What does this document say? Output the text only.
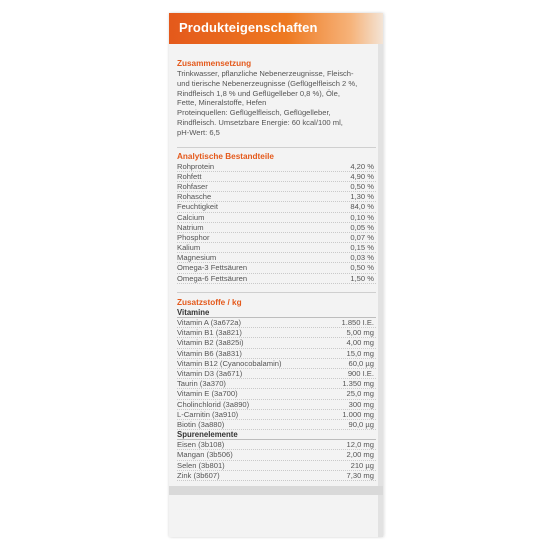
Produkteigenschaften
Zusammensetzung
Trinkwasser, pflanzliche Nebenerzeugnisse, Fleisch-
und tierische Nebenerzeugnisse (Geflügelfleisch 2 %,
Rindfleisch 1,8 % und Geflügelleber 0,8 %), Öle,
Fette, Mineralstoffe, Hefen
Proteinquellen: Geflügelfleisch, Geflügelleber,
Rindfleisch. Umsetzbare Energie: 60 kcal/100 ml,
pH-Wert: 6,5
Analytische Bestandteile
Rohprotein	4,20 %
Rohfett	4,90 %
Rohfaser	0,50 %
Rohasche	1,30 %
Feuchtigkeit	84,0 %
Calcium	0,10 %
Natrium	0,05 %
Phosphor	0,07 %
Kalium	0,15 %
Magnesium	0,03 %
Omega-3 Fettsäuren	0,50 %
Omega-6 Fettsäuren	1,50 %
Zusatzstoffe / kg
Vitamine
Vitamin A (3a672a)	1.850 I.E.
Vitamin B1 (3a821)	5,00 mg
Vitamin B2 (3a825i)	4,00 mg
Vitamin B6 (3a831)	15,0 mg
Vitamin B12 (Cyanocobalamin)	60,0 µg
Vitamin D3 (3a671)	900 I.E.
Taurin (3a370)	1.350 mg
Vitamin E (3a700)	25,0 mg
Cholinchlorid (3a890)	300 mg
L-Carnitin (3a910)	1.000 mg
Biotin (3a880)	90,0 µg
Spurenelemente
Eisen (3b108)	12,0 mg
Mangan (3b506)	2,00 mg
Selen (3b801)	210 µg
Zink (3b607)	7,30 mg
